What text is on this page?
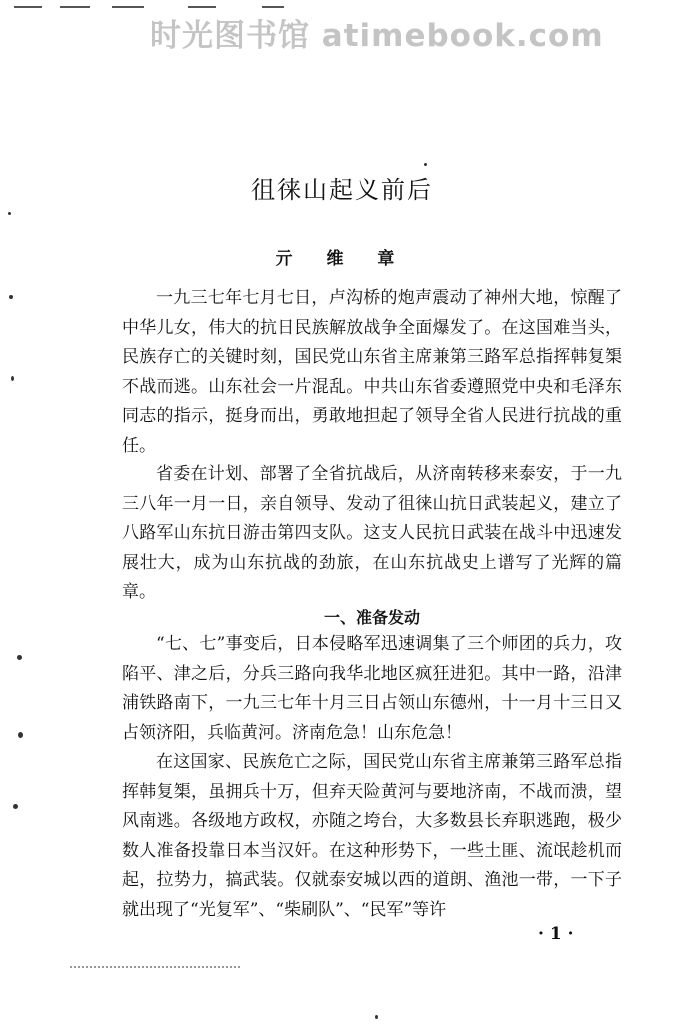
时光图书馆 atimebook.com
徂徕山起义前后
亓 维 章

一九三七年七月七日，卢沟桥的炮声震动了神州大地，惊醒了中华儿女，伟大的抗日民族解放战争全面爆发了。在这国难当头，民族存亡的关键时刻，国民党山东省主席兼第三路军总指挥韩复榘不战而逃。山东社会一片混乱。中共山东省委遵照党中央和毛泽东同志的指示，挺身而出，勇敢地担起了领导全省人民进行抗战的重任。

省委在计划、部署了全省抗战后，从济南转移来泰安，于一九三八年一月一日，亲自领导、发动了徂徕山抗日武装起义，建立了八路军山东抗日游击第四支队。这支人民抗日武装在战斗中迅速发展壮大，成为山东抗战的劲旅，在山东抗战史上谱写了光辉的篇章。

一、准备发动

“七、七”事变后，日本侵略军迅速调集了三个师团的兵力，攻陷平、津之后，分兵三路向我华北地区疯狂进犯。其中一路，沿津浦铁路南下，一九三七年十月三日占领山东德州，十一月十三日又占领济阳，兵临黄河。济南危急！山东危急！

在这国家、民族危亡之际，国民党山东省主席兼第三路军总指挥韩复榘，虽拥兵十万，但弃天险黄河与要地济南，不战而溃，望风南逃。各级地方政权，亦随之垮台，大多数县长弃职逃跑，极少数人准备投靠日本当汉奸。在这种形势下，一些土匪、流氓趁机而起，拉势力，搞武装。仅就泰安城以西的道朗、渔池一带，一下子就出现了“光复军”、“柴刷队”、“民军”等许

· 1 ·
